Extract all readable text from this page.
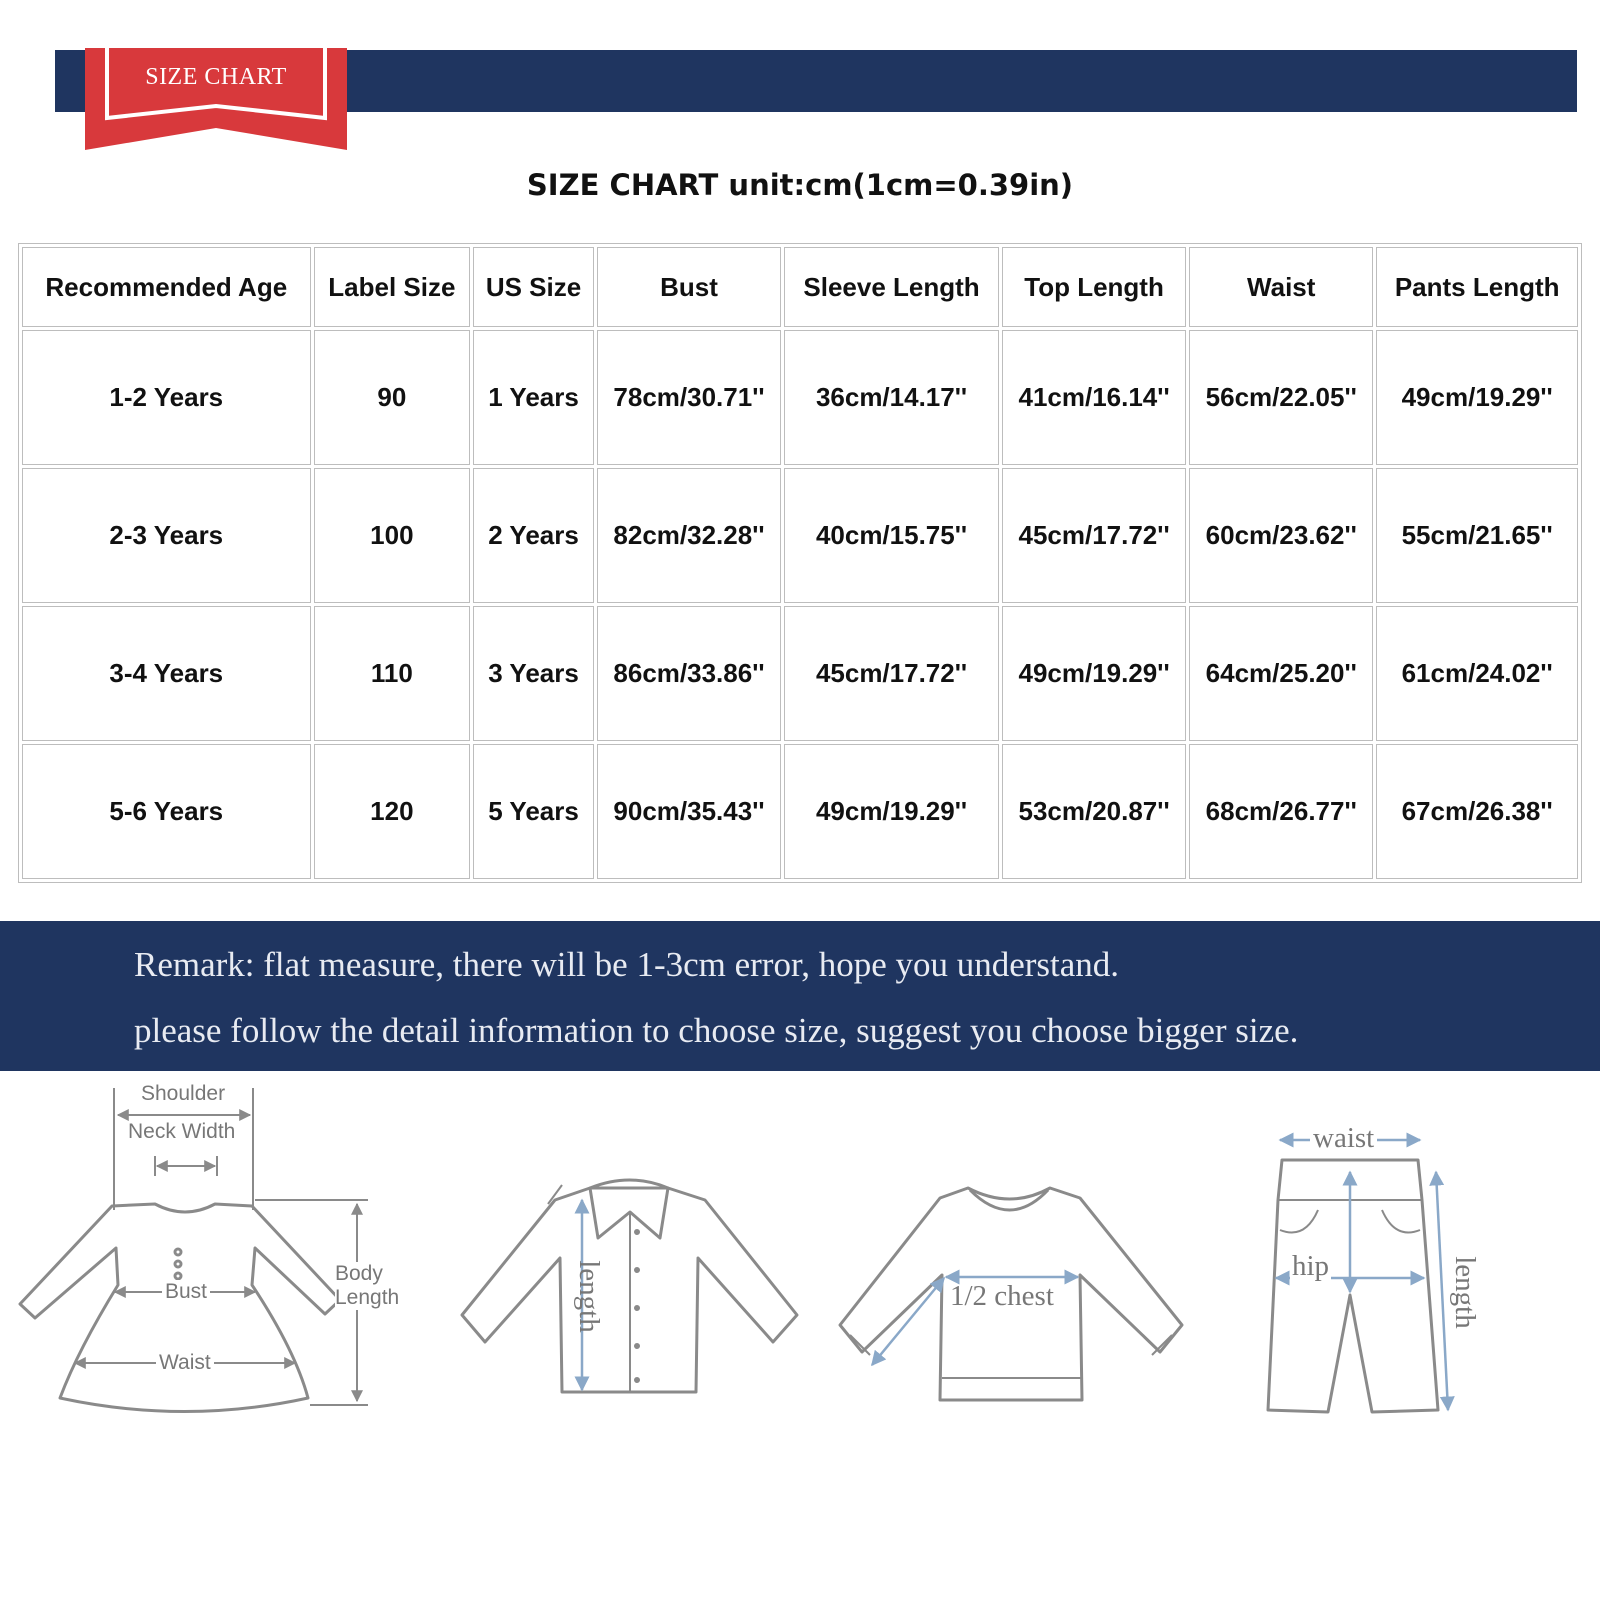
SIZE CHART
SIZE CHART unit:cm(1cm=0.39in)
Recommended Age	Label Size	US Size	Bust	Sleeve Length	Top Length	Waist	Pants Length
1-2 Years	90	1 Years	78cm/30.71''	36cm/14.17''	41cm/16.14''	56cm/22.05''	49cm/19.29''
2-3 Years	100	2 Years	82cm/32.28''	40cm/15.75''	45cm/17.72''	60cm/23.62''	55cm/21.65''
3-4 Years	110	3 Years	86cm/33.86''	45cm/17.72''	49cm/19.29''	64cm/25.20''	61cm/24.02''
5-6 Years	120	5 Years	90cm/35.43''	49cm/19.29''	53cm/20.87''	68cm/26.77''	67cm/26.38''
Remark: flat measure, there will be 1-3cm error, hope you understand.
please follow the detail information to choose size, suggest you choose bigger size.
Shoulder
Neck Width
Bust
Waist
Body
Length	length	1/2 chest
waist
hip	length
